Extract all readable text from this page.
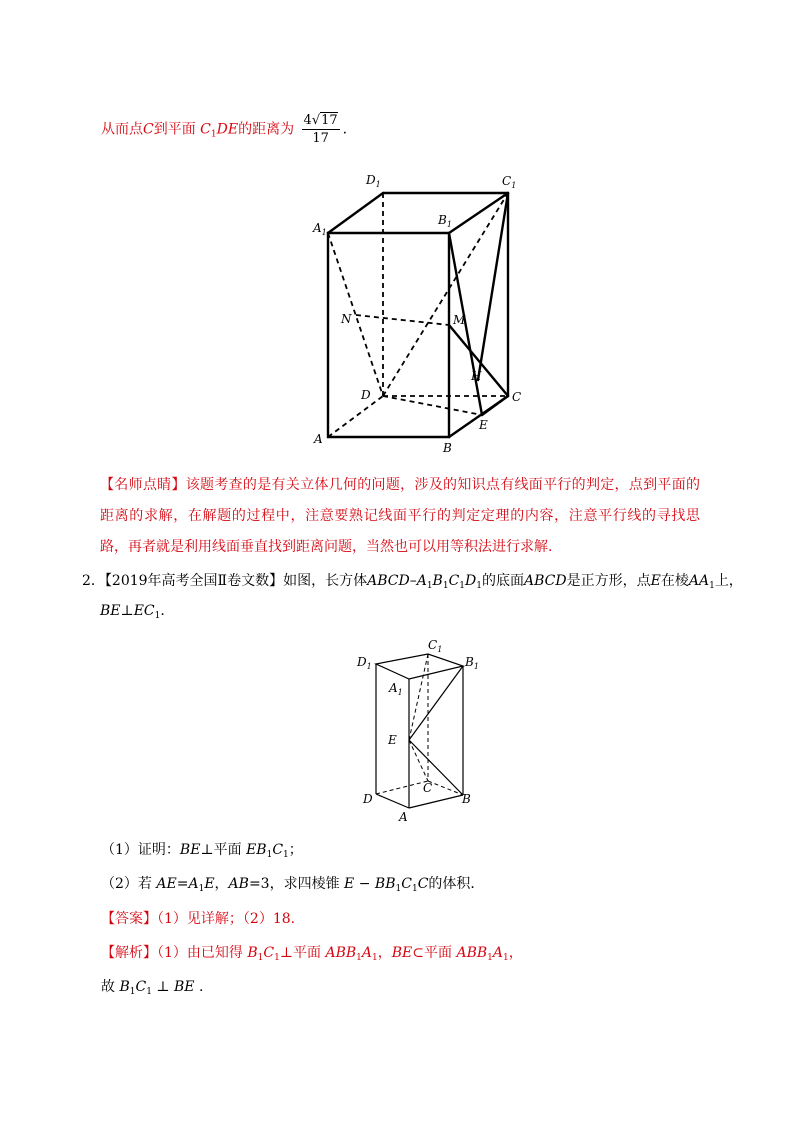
从而点C到平面 $C_1DE$的距离为 $\frac{4√17}{17}$ .
$D_1$	$C_1$
$A_1$
$B_1$
N	M
H
D	C
E
A
B
【名师点睛】该题考查的是有关立体几何的问题，涉及的知识点有线面平行的判定，点到平面的距离的求解，在解题的过程中，注意要熟记线面平行的判定定理的内容，注意平行线的寻找思路，再者就是利用线面垂直找到距离问题，当然也可以用等积法进行求解.
2．【2019年高考全国Ⅱ卷文数】如图，长方体ABCD–$A_1B_1C_1D_1$的底面ABCD是正方形，点E在棱$AA_1$上，
$BE\perp EC_1$.
$C_1$
$D_1$	$B_1$
$A_1$
E
C
D	B
A
（1）证明：BE⊥平面 $EB_1C_1$；
（2）若 $AE=A_1E$，AB=3，求四棱锥 $E - BB_1C_1C$的体积．
【答案】（1）见详解；（2）18.
【解析】（1）由已知得 $B_1C_1\perp$平面 $ABB_1A_1$，BE⊂平面 $ABB_1A_1$，
故 $B_1C_1$ ⊥ BE .
